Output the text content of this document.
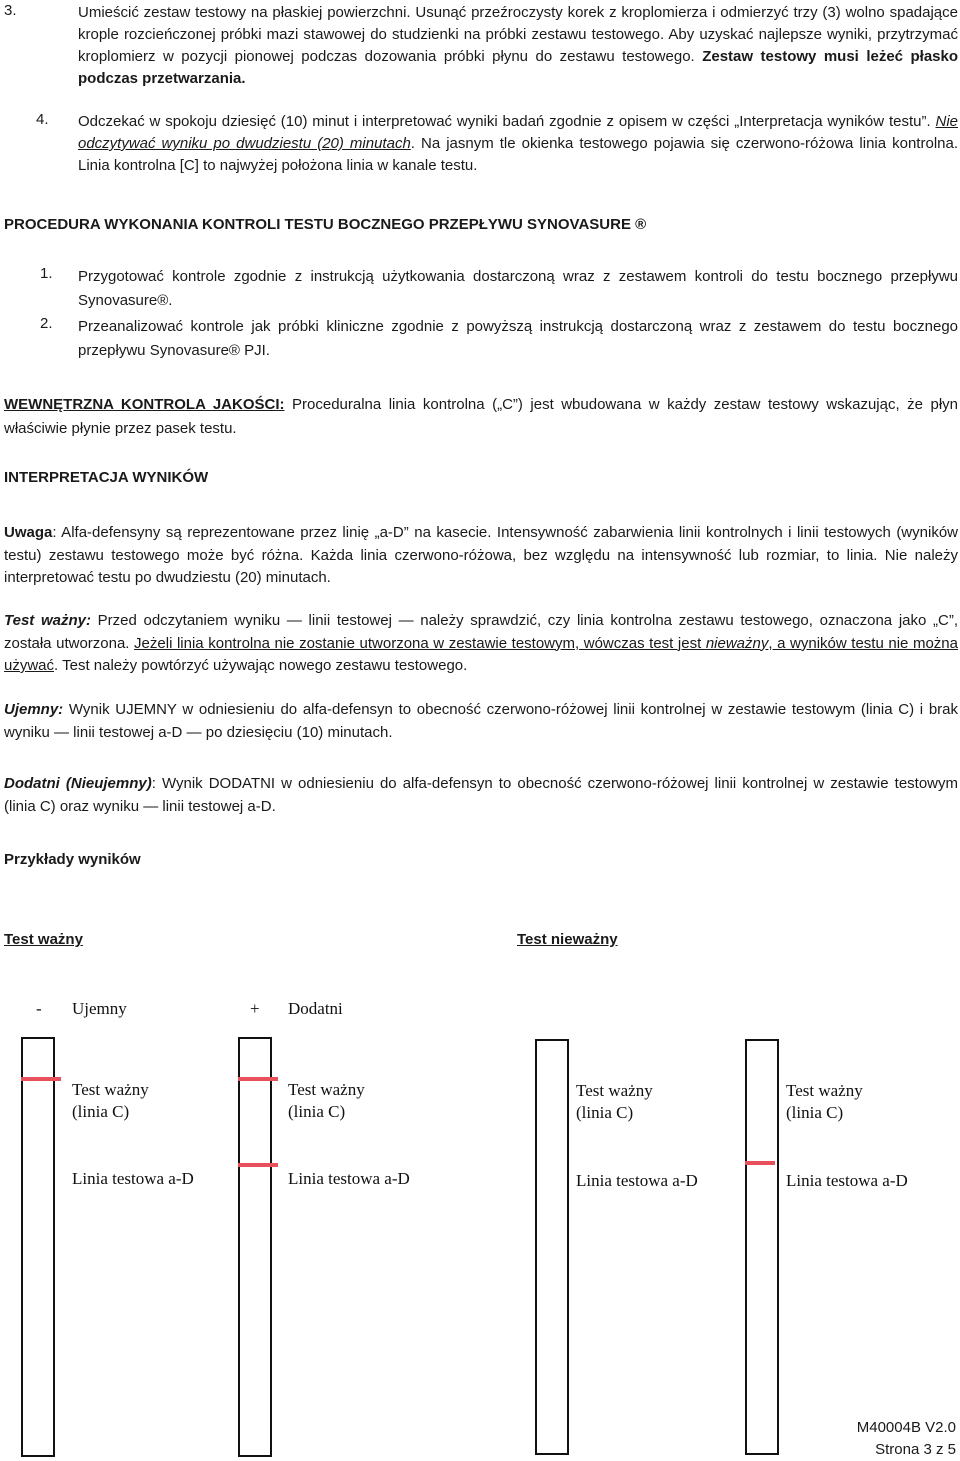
3.	Umieścić zestaw testowy na płaskiej powierzchni. Usunąć przeźroczysty korek z kroplomierza i odmierzyć trzy (3) wolno spadające krople rozcieńczonej próbki mazi stawowej do studzienki na próbki zestawu testowego. Aby uzyskać najlepsze wyniki, przytrzymać kroplomierz w pozycji pionowej podczas dozowania próbki płynu do zestawu testowego. Zestaw testowy musi leżeć płasko podczas przetwarzania.
4.	Odczekać w spokoju dziesięć (10) minut i interpretować wyniki badań zgodnie z opisem w części „Interpretacja wyników testu”. Nie odczytywać wyniku po dwudziestu (20) minutach. Na jasnym tle okienka testowego pojawia się czerwono-różowa linia kontrolna. Linia kontrolna [C] to najwyżej położona linia w kanale testu.
PROCEDURA WYKONANIA KONTROLI TESTU BOCZNEGO PRZEPŁYWU SYNOVASURE ®
1.	Przygotować kontrole zgodnie z instrukcją użytkowania dostarczoną wraz z zestawem kontroli do testu bocznego przepływu Synovasure®.
2.	Przeanalizować kontrole jak próbki kliniczne zgodnie z powyższą instrukcją dostarczoną wraz z zestawem do testu bocznego przepływu Synovasure® PJI.
WEWNĘTRZNA KONTROLA JAKOŚCI: Proceduralna linia kontrolna („C”) jest wbudowana w każdy zestaw testowy wskazując, że płyn właściwie płynie przez pasek testu.
INTERPRETACJA WYNIKÓW
Uwaga: Alfa-defensyny są reprezentowane przez linię „a-D” na kasecie. Intensywność zabarwienia linii kontrolnych i linii testowych (wyników testu) zestawu testowego może być różna. Każda linia czerwono-różowa, bez względu na intensywność lub rozmiar, to linia. Nie należy interpretować testu po dwudziestu (20) minutach.
Test ważny: Przed odczytaniem wyniku — linii testowej — należy sprawdzić, czy linia kontrolna zestawu testowego, oznaczona jako „C”, została utworzona. Jeżeli linia kontrolna nie zostanie utworzona w zestawie testowym, wówczas test jest nieważny, a wyników testu nie można używać. Test należy powtórzyć używając nowego zestawu testowego.
Ujemny: Wynik UJEMNY w odniesieniu do alfa-defensyn to obecność czerwono-różowej linii kontrolnej w zestawie testowym (linia C) i brak wyniku — linii testowej a-D — po dziesięciu (10) minutach.
Dodatni (Nieujemny): Wynik DODATNI w odniesieniu do alfa-defensyn to obecność czerwono-różowej linii kontrolnej w zestawie testowym (linia C) oraz wyniku — linii testowej a-D.
Przykłady wyników
Test ważny	Test nieważny
- Ujemny	+ Dodatni
Test ważny
(linia C)
Linia testowa a-D
Test ważny
(linia C)
Linia testowa a-D
Test ważny
(linia C)
Linia testowa a-D
Test ważny
(linia C)
Linia testowa a-D
M40004B V2.0
Strona 3 z 5
